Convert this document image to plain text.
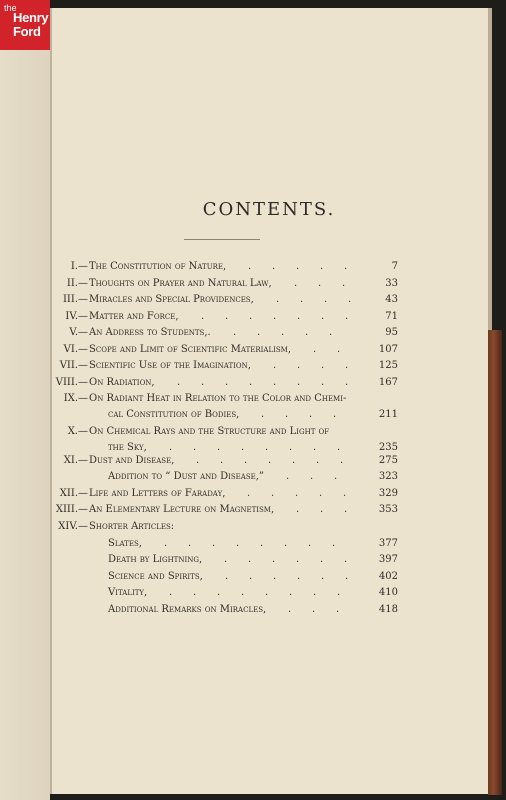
the
Henry
Ford
CONTENTS.
I. — The Constitution of Nature,	7
. . . . .
II. — Thoughts on Prayer and Natural Law,	33
. . .
III. — Miracles and Special Providences,	43
. . . .
IV. — Matter and Force,	71
. . . . . . .
V. — An Address to Students,.	95
. . . . .
VI. — Scope and Limit of Scientific Materialism,	107
. .
VII. — Scientific Use of the Imagination,	125
. . . .
VIII. — On Radiation,	167
. . . . . . . .
IX. — On Radiant Heat in Relation to the Color and Chemi-
cal Constitution of Bodies,	211
. . . .
X. — On Chemical Rays and the Structure and Light of
the Sky,	235
. . . . . . . .
XI. — Dust and Disease,	275
. . . . . . .
Addition to “ Dust and Disease,”	323
. . .
XII. — Life and Letters of Faraday,	329
. . . . .
XIII. — An Elementary Lecture on Magnetism,	353
. . .
XIV. — Shorter Articles:
Slates,	377
. . . . . . . .
Death by Lightning,	397
. . . . . .
Science and Spirits,	402
. . . . . .
Vitality,	410
. . . . . . . .
Additional Remarks on Miracles,	418
. . .
